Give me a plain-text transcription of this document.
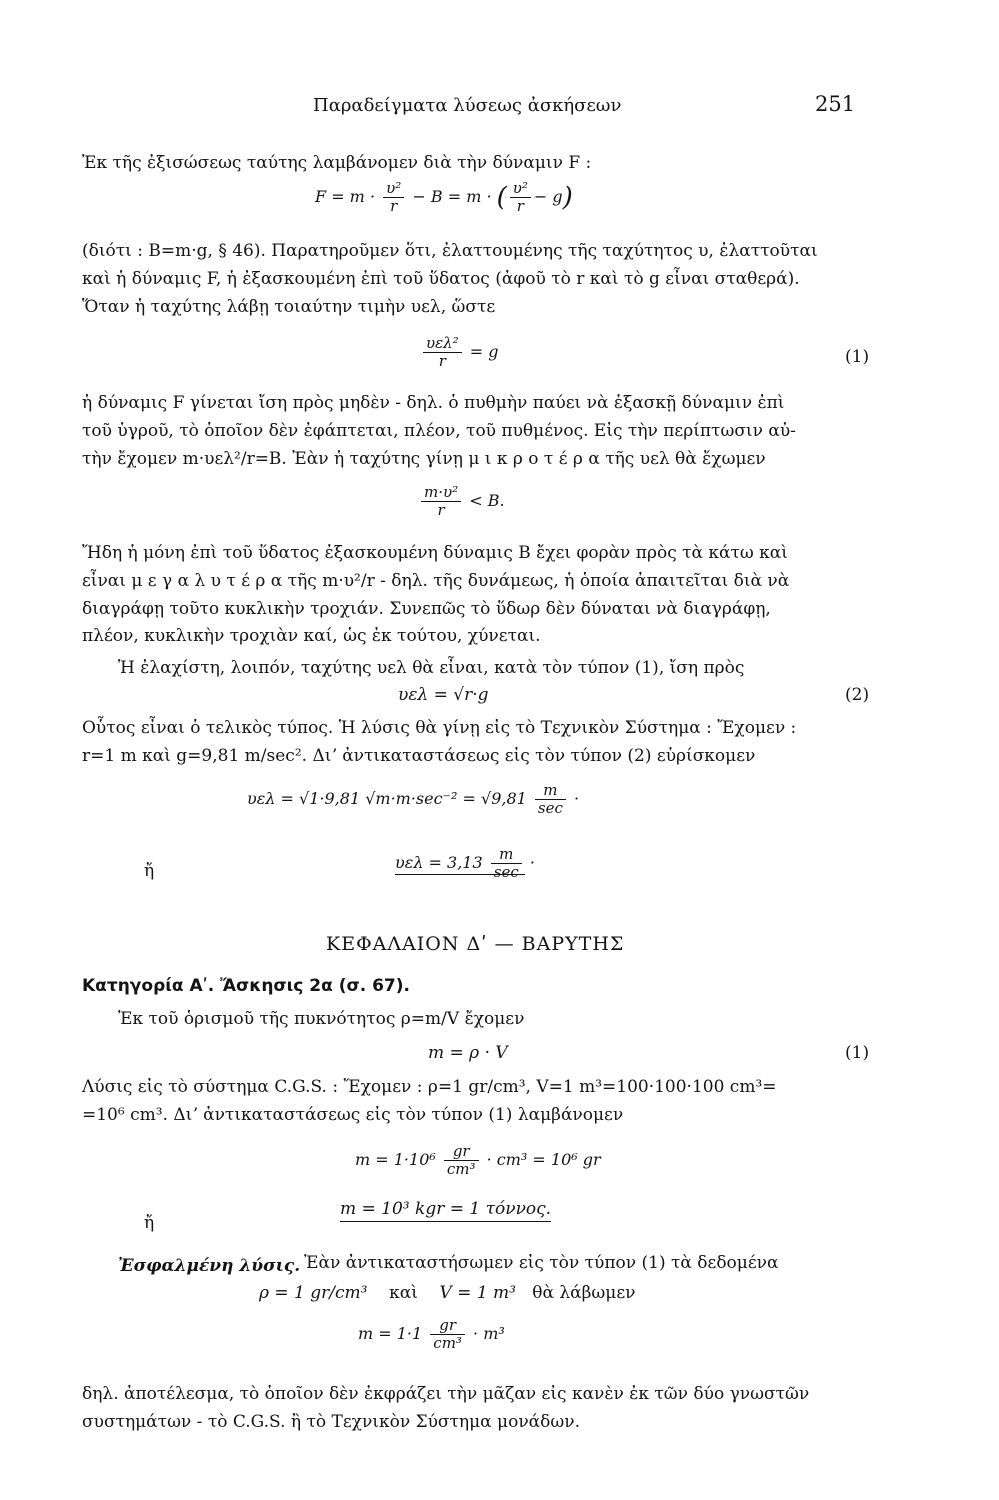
Παραδείγματα λύσεως ἀσκήσεων	251
Ἐκ τῆς ἐξισώσεως ταύτης λαμβάνομεν διὰ τὴν δύναμιν F :
$F = m \cdot \frac{\text{υ²}}{r} - B = m$ · ( $\frac{\text{υ²}}{r} - g$)
(διότι : B=m·g, § 46). Παρατηροῦμεν ὅτι, ἐλαττουμένης τῆς ταχύτητος υ, ἐλαττοῦται
καὶ ἡ δύναμις F, ἡ ἐξασκουμένη ἐπὶ τοῦ ὕδατος (ἀφοῦ τὸ r καὶ τὸ g εἶναι σταθερά).
Ὅταν ἡ ταχύτης λάβῃ τοιαύτην τιμὴν υελ, ὥστε
$\frac{\text{υελ²}}{r} = g$	(1)
ἡ δύναμις F γίνεται ἴση πρὸς μηδὲν - δηλ. ὁ πυθμὴν παύει νὰ ἐξασκῇ δύναμιν ἐπὶ
τοῦ ὑγροῦ, τὸ ὁποῖον δὲν ἐφάπτεται, πλέον, τοῦ πυθμένος. Εἰς τὴν περίπτωσιν αὐ-
τὴν ἔχομεν m·υελ²/r=B. Ἐὰν ἡ ταχύτης γίνῃ μ ι κ ρ ο τ έ ρ α τῆς υελ θὰ ἔχωμεν
$\frac{\text{m·υ²}}{r} < B$.
Ἤδη ἡ μόνη ἐπὶ τοῦ ὕδατος ἐξασκουμένη δύναμις B ἔχει φορὰν πρὸς τὰ κάτω καὶ
εἶναι μ ε γ α λ υ τ έ ρ α τῆς m·υ²/r - δηλ. τῆς δυνάμεως, ἡ ὁποία ἀπαιτεῖται διὰ νὰ
διαγράφῃ τοῦτο κυκλικὴν τροχιάν. Συνεπῶς τὸ ὕδωρ δὲν δύναται νὰ διαγράφῃ,
πλέον, κυκλικὴν τροχιὰν καί, ὡς ἐκ τούτου, χύνεται.
Ἡ ἐλαχίστη, λοιπόν, ταχύτης υελ θὰ εἶναι, κατὰ τὸν τύπον (1), ἴση πρὸς
υελ = √r·g	(2)
Οὗτος εἶναι ὁ τελικὸς τύπος. Ἡ λύσις θὰ γίνῃ εἰς τὸ Τεχνικὸν Σύστημα : Ἔχομεν :
r=1 m καὶ g=9,81 m/sec². Διʼ ἀντικαταστάσεως εἰς τὸν τύπον (2) εὑρίσκομεν
υελ = √1·9,81 $√m\cdot m\cdot\sec^{-2} = √9,81 \frac{m}{\sec}$ ·
ἤ	$\upsilon\varepsilon\lambda = 3,13 \frac{m}{\sec}$ ·
ΚΕΦΑΛΑΙΟΝ Δʹ — ΒΑΡΥΤΗΣ
Κατηγορία Αʹ. Ἄσκησις 2α (σ. 67).
Ἐκ τοῦ ὁρισμοῦ τῆς πυκνότητος ρ=m/V ἔχομεν
m = ρ · V	(1)
Λύσις εἰς τὸ σύστημα C.G.S. : Ἔχομεν : ρ=1 gr/cm³, V=1 m³=100·100·100 cm³=
=10⁶ cm³. Διʼ ἀντικαταστάσεως εἰς τὸν τύπον (1) λαμβάνομεν
$m = 1\cdot 10^6 \frac{gr}{\text{cm³}} \cdot cm^3 = 10^6$ gr
ἤ
m = 10³ kgr = 1 τόννος.
Ἐσφαλμένη λύσις. Ἐὰν ἀντικαταστήσωμεν εἰς τὸν τύπον (1) τὰ δεδομένα
ρ = 1 gr/cm³ καὶ V = 1 m³ θὰ λάβωμεν
$m = 1\cdot 1 \frac{gr}{\text{cm³}} \cdot m^3$
δηλ. ἀποτέλεσμα, τὸ ὁποῖον δὲν ἐκφράζει τὴν μᾶζαν εἰς κανὲν ἐκ τῶν δύο γνωστῶν
συστημάτων - τὸ C.G.S. ἢ τὸ Τεχνικὸν Σύστημα μονάδων.
